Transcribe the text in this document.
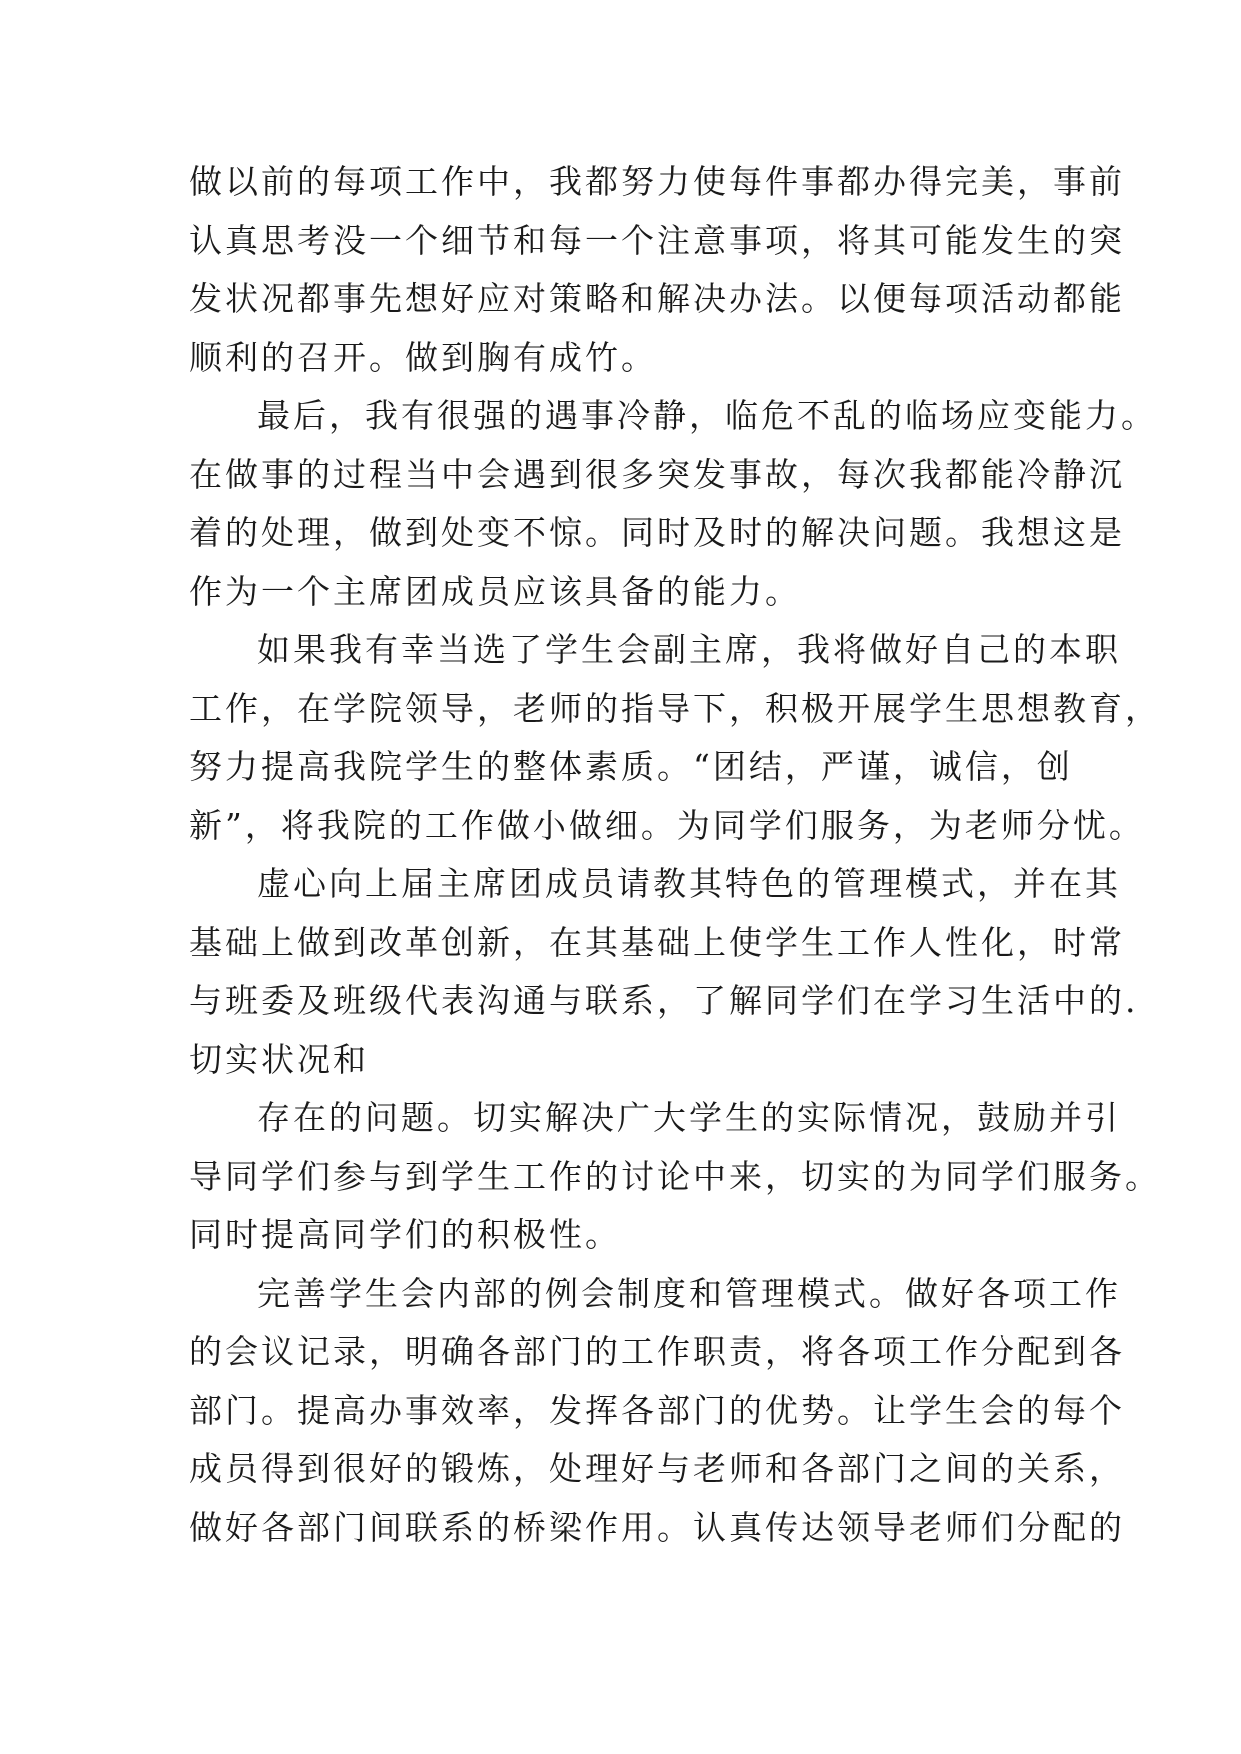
做以前的每项工作中，我都努力使每件事都办得完美，事前
认真思考没一个细节和每一个注意事项，将其可能发生的突
发状况都事先想好应对策略和解决办法。以便每项活动都能
顺利的召开。做到胸有成竹。
最后，我有很强的遇事冷静，临危不乱的临场应变能力。
在做事的过程当中会遇到很多突发事故，每次我都能冷静沉
着的处理，做到处变不惊。同时及时的解决问题。我想这是
作为一个主席团成员应该具备的能力。
如果我有幸当选了学生会副主席，我将做好自己的本职
工作，在学院领导，老师的指导下，积极开展学生思想教育，
努力提高我院学生的整体素质。“团结，严谨，诚信，创
新”，将我院的工作做小做细。为同学们服务，为老师分忧。
虚心向上届主席团成员请教其特色的管理模式，并在其
基础上做到改革创新，在其基础上使学生工作人性化，时常
与班委及班级代表沟通与联系，了解同学们在学习生活中的.
切实状况和
存在的问题。切实解决广大学生的实际情况，鼓励并引
导同学们参与到学生工作的讨论中来，切实的为同学们服务。
同时提高同学们的积极性。
完善学生会内部的例会制度和管理模式。做好各项工作
的会议记录，明确各部门的工作职责，将各项工作分配到各
部门。提高办事效率，发挥各部门的优势。让学生会的每个
成员得到很好的锻炼，处理好与老师和各部门之间的关系，
做好各部门间联系的桥梁作用。认真传达领导老师们分配的
